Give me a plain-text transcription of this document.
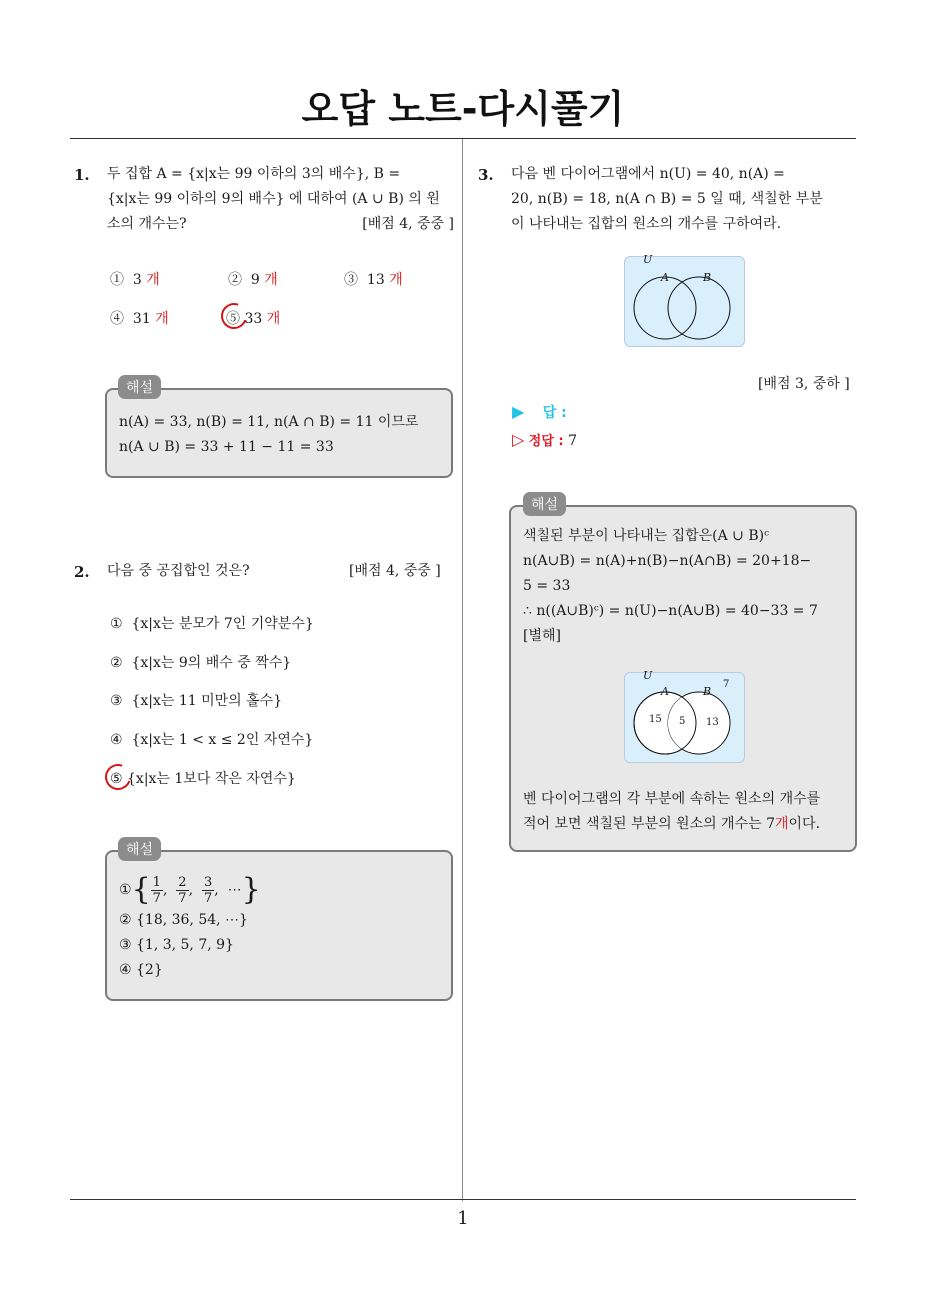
오답 노트-다시풀기
1. 두 집합 A = {x|x는 99 이하의 3의 배수}, B =
{x|x는 99 이하의 9의 배수} 에 대하여 (A ∪ B) 의 원
소의 개수는?	[배점 4, 중중 ]
① 3 개	② 9 개	③ 13 개
④ 31 개	⑤ 33 개
n(A) = 33, n(B) = 11, n(A ∩ B) = 11 이므로
n(A ∪ B) = 33 + 11 − 11 = 33
해설
2. 다음 중 공집합인 것은?	[배점 4, 중중 ]
① {x|x는 분모가 7인 기약분수}
② {x|x는 9의 배수 중 짝수}
③ {x|x는 11 미만의 홀수}
④ {x|x는 1 < x ≤ 2인 자연수}
⑤ {x|x는 1보다 작은 자연수}
① { 1
7 , 2
7 , 3
7 , ⋯ }
② {18, 36, 54, ⋯}
③ {1, 3, 5, 7, 9}
④ {2}
해설
3. 다음 벤 다이어그램에서 n(U) = 40, n(A) =
20, n(B) = 18, n(A ∩ B) = 5 일 때, 색칠한 부분
이 나타내는 집합의 원소의 개수를 구하여라.
U
A	B
[배점 3, 중하 ]
▶ 답 :
▷ 정답 : 7
색칠된 부분이 나타내는 집합은(A ∪ B)ᶜ
n(A∪B) = n(A)+n(B)−n(A∩B) = 20+18−
5 = 33
∴ n((A∪B)ᶜ) = n(U)−n(A∪B) = 40−33 = 7
[별해]
U
A	B
7
15 5 13
벤 다이어그램의 각 부분에 속하는 원소의 개수를
적어 보면 색칠된 부분의 원소의 개수는 7개이다.
해설
1
